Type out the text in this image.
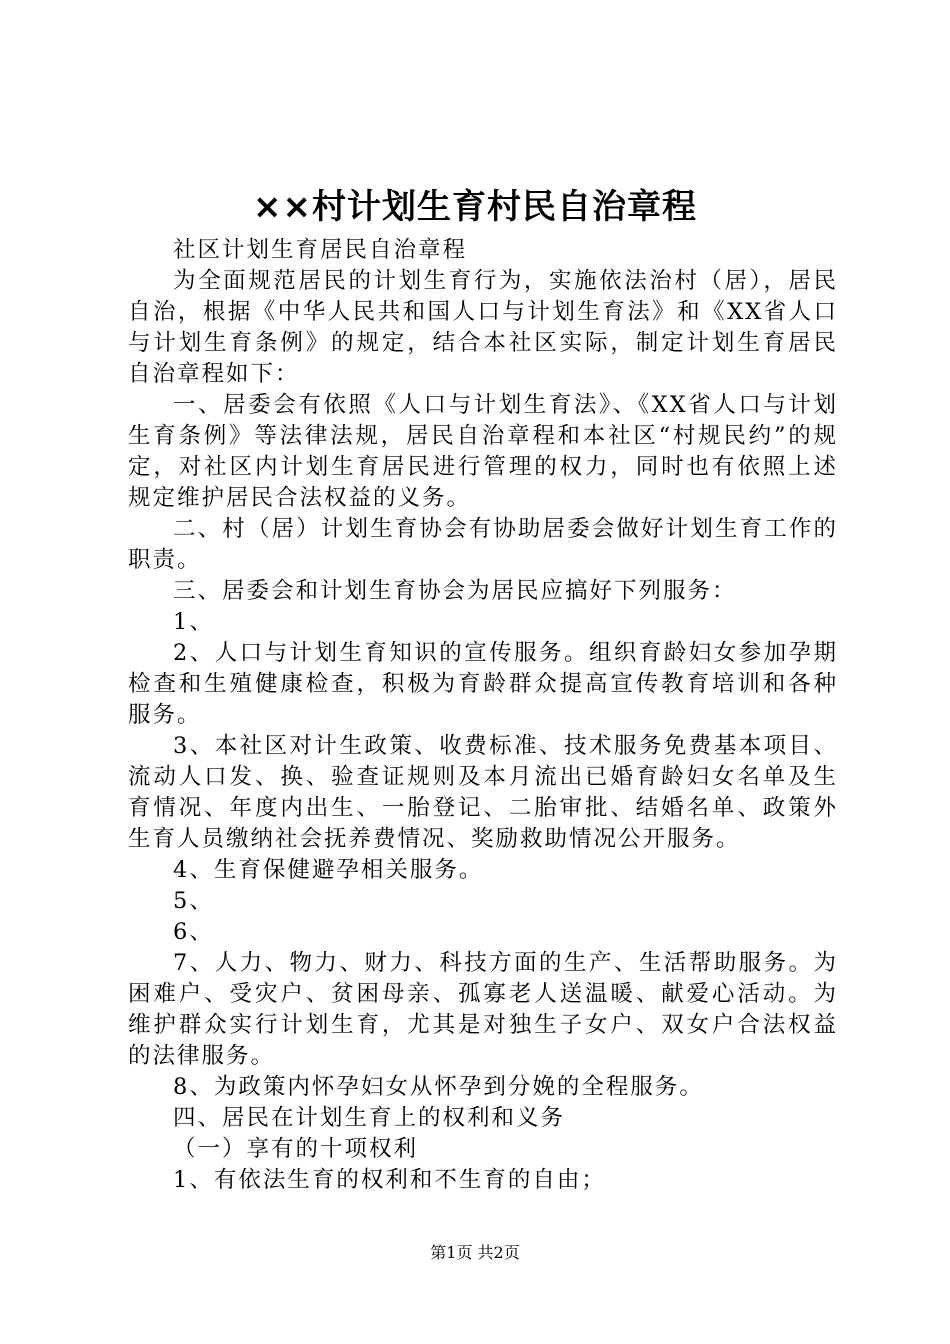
××村计划生育村民自治章程

社区计划生育居民自治章程

为全面规范居民的计划生育行为，实施依法治村（居），居民自治，根据《中华人民共和国人口与计划生育法》和《XX省人口与计划生育条例》的规定，结合本社区实际，制定计划生育居民自治章程如下：

一、居委会有依照《人口与计划生育法》、《XX省人口与计划生育条例》等法律法规，居民自治章程和本社区“村规民约”的规定，对社区内计划生育居民进行管理的权力，同时也有依照上述规定维护居民合法权益的义务。

二、村（居）计划生育协会有协助居委会做好计划生育工作的职责。

三、居委会和计划生育协会为居民应搞好下列服务：

1、

2、人口与计划生育知识的宣传服务。组织育龄妇女参加孕期检查和生殖健康检查，积极为育龄群众提高宣传教育培训和各种服务。

3、本社区对计生政策、收费标准、技术服务免费基本项目、流动人口发、换、验查证规则及本月流出已婚育龄妇女名单及生育情况、年度内出生、一胎登记、二胎审批、结婚名单、政策外生育人员缴纳社会抚养费情况、奖励救助情况公开服务。

4、生育保健避孕相关服务。

5、

6、

7、人力、物力、财力、科技方面的生产、生活帮助服务。为困难户、受灾户、贫困母亲、孤寡老人送温暖、献爱心活动。为维护群众实行计划生育，尤其是对独生子女户、双女户合法权益的法律服务。

8、为政策内怀孕妇女从怀孕到分娩的全程服务。

四、居民在计划生育上的权利和义务

（一）享有的十项权利

1、有依法生育的权利和不生育的自由；

第1页 共2页
